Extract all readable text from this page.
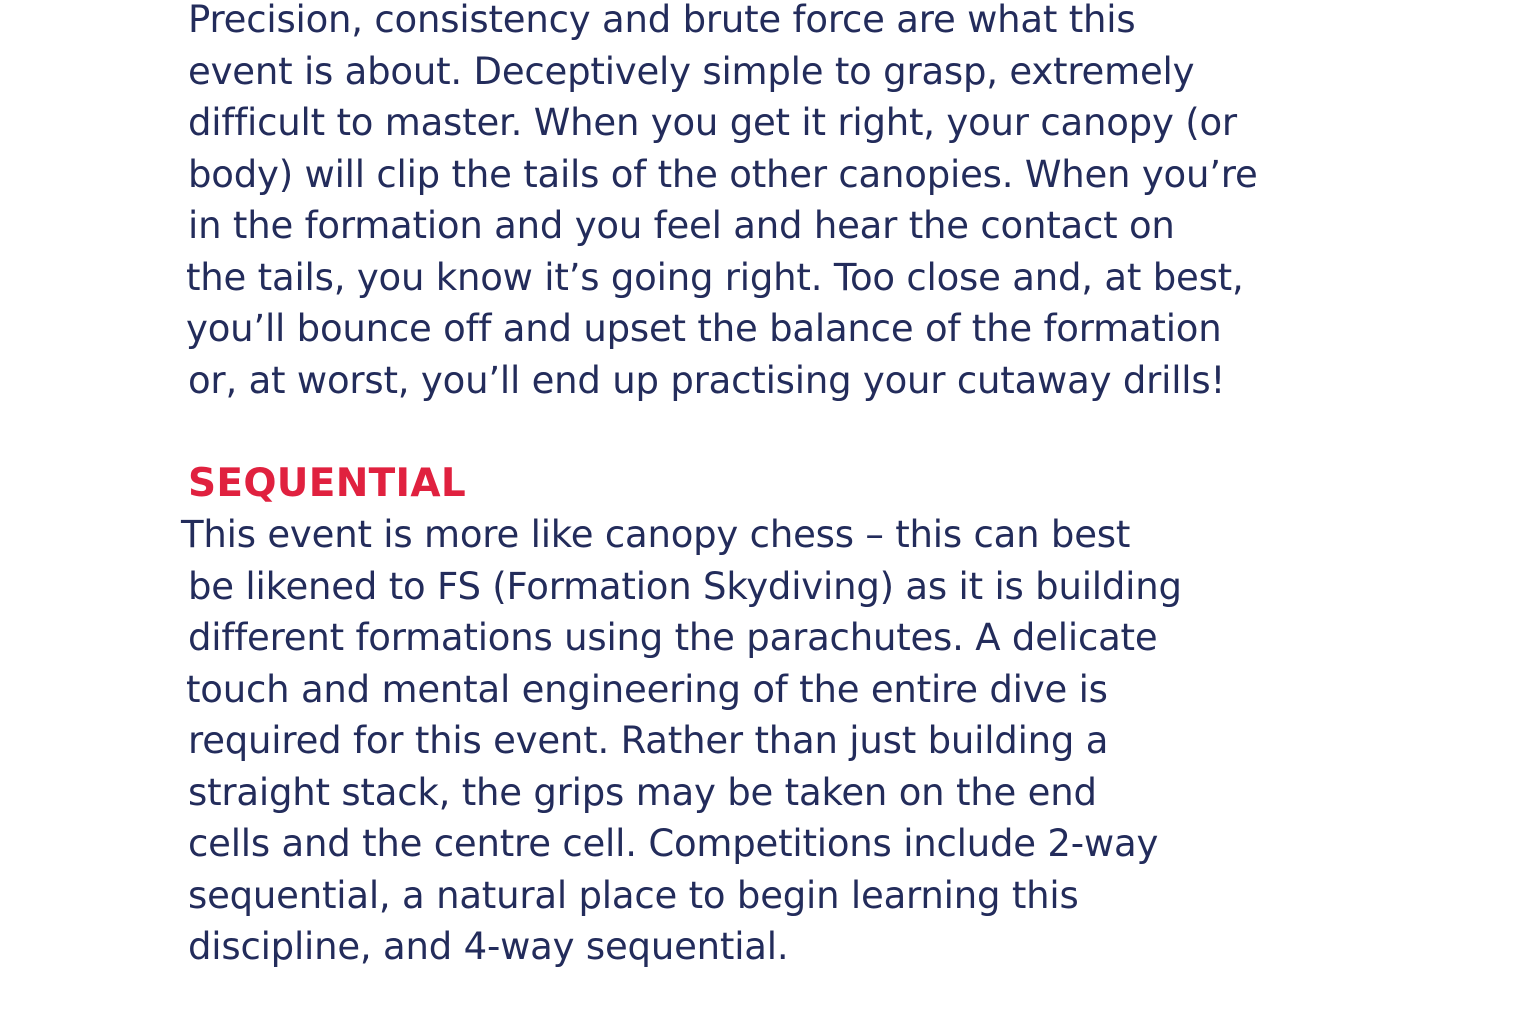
Precision, consistency and brute force are what this
event is about. Deceptively simple to grasp, extremely
difficult to master. When you get it right, your canopy (or
body) will clip the tails of the other canopies. When you’re
in the formation and you feel and hear the contact on
the tails, you know it’s going right. Too close and, at best,
you’ll bounce off and upset the balance of the formation
or, at worst, you’ll end up practising your cutaway drills!
SEQUENTIAL
This event is more like canopy chess – this can best
be likened to FS (Formation Skydiving) as it is building
different formations using the parachutes. A delicate
touch and mental engineering of the entire dive is
required for this event. Rather than just building a
straight stack, the grips may be taken on the end
cells and the centre cell. Competitions include 2-way
sequential, a natural place to begin learning this
discipline, and 4-way sequential.
